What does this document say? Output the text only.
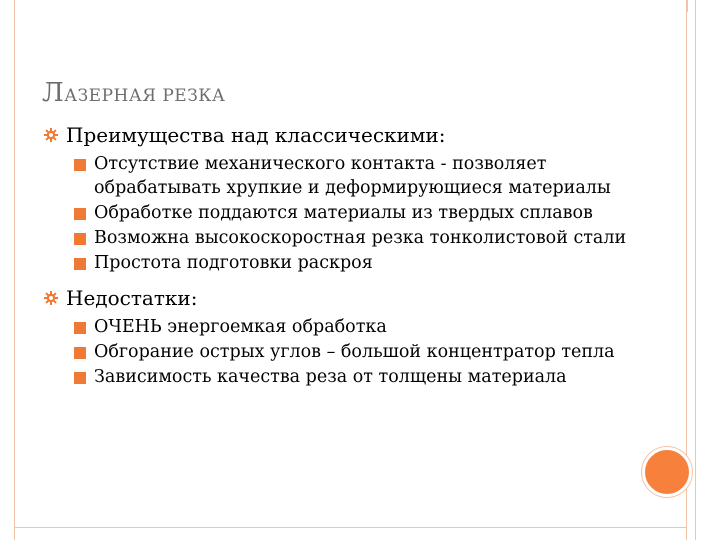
ЛАЗЕРНАЯ РЕЗКА
Преимущества над классическими:
Отсутствие механического контакта - позволяет обрабатывать хрупкие и деформирующиеся материалы
Обработке поддаются материалы из твердых сплавов
Возможна высокоскоростная резка тонколистовой стали
Простота подготовки раскроя
Недостатки:
ОЧЕНЬ энергоемкая обработка
Обгорание острых углов – большой концентратор тепла
Зависимость качества реза от толщены материала
